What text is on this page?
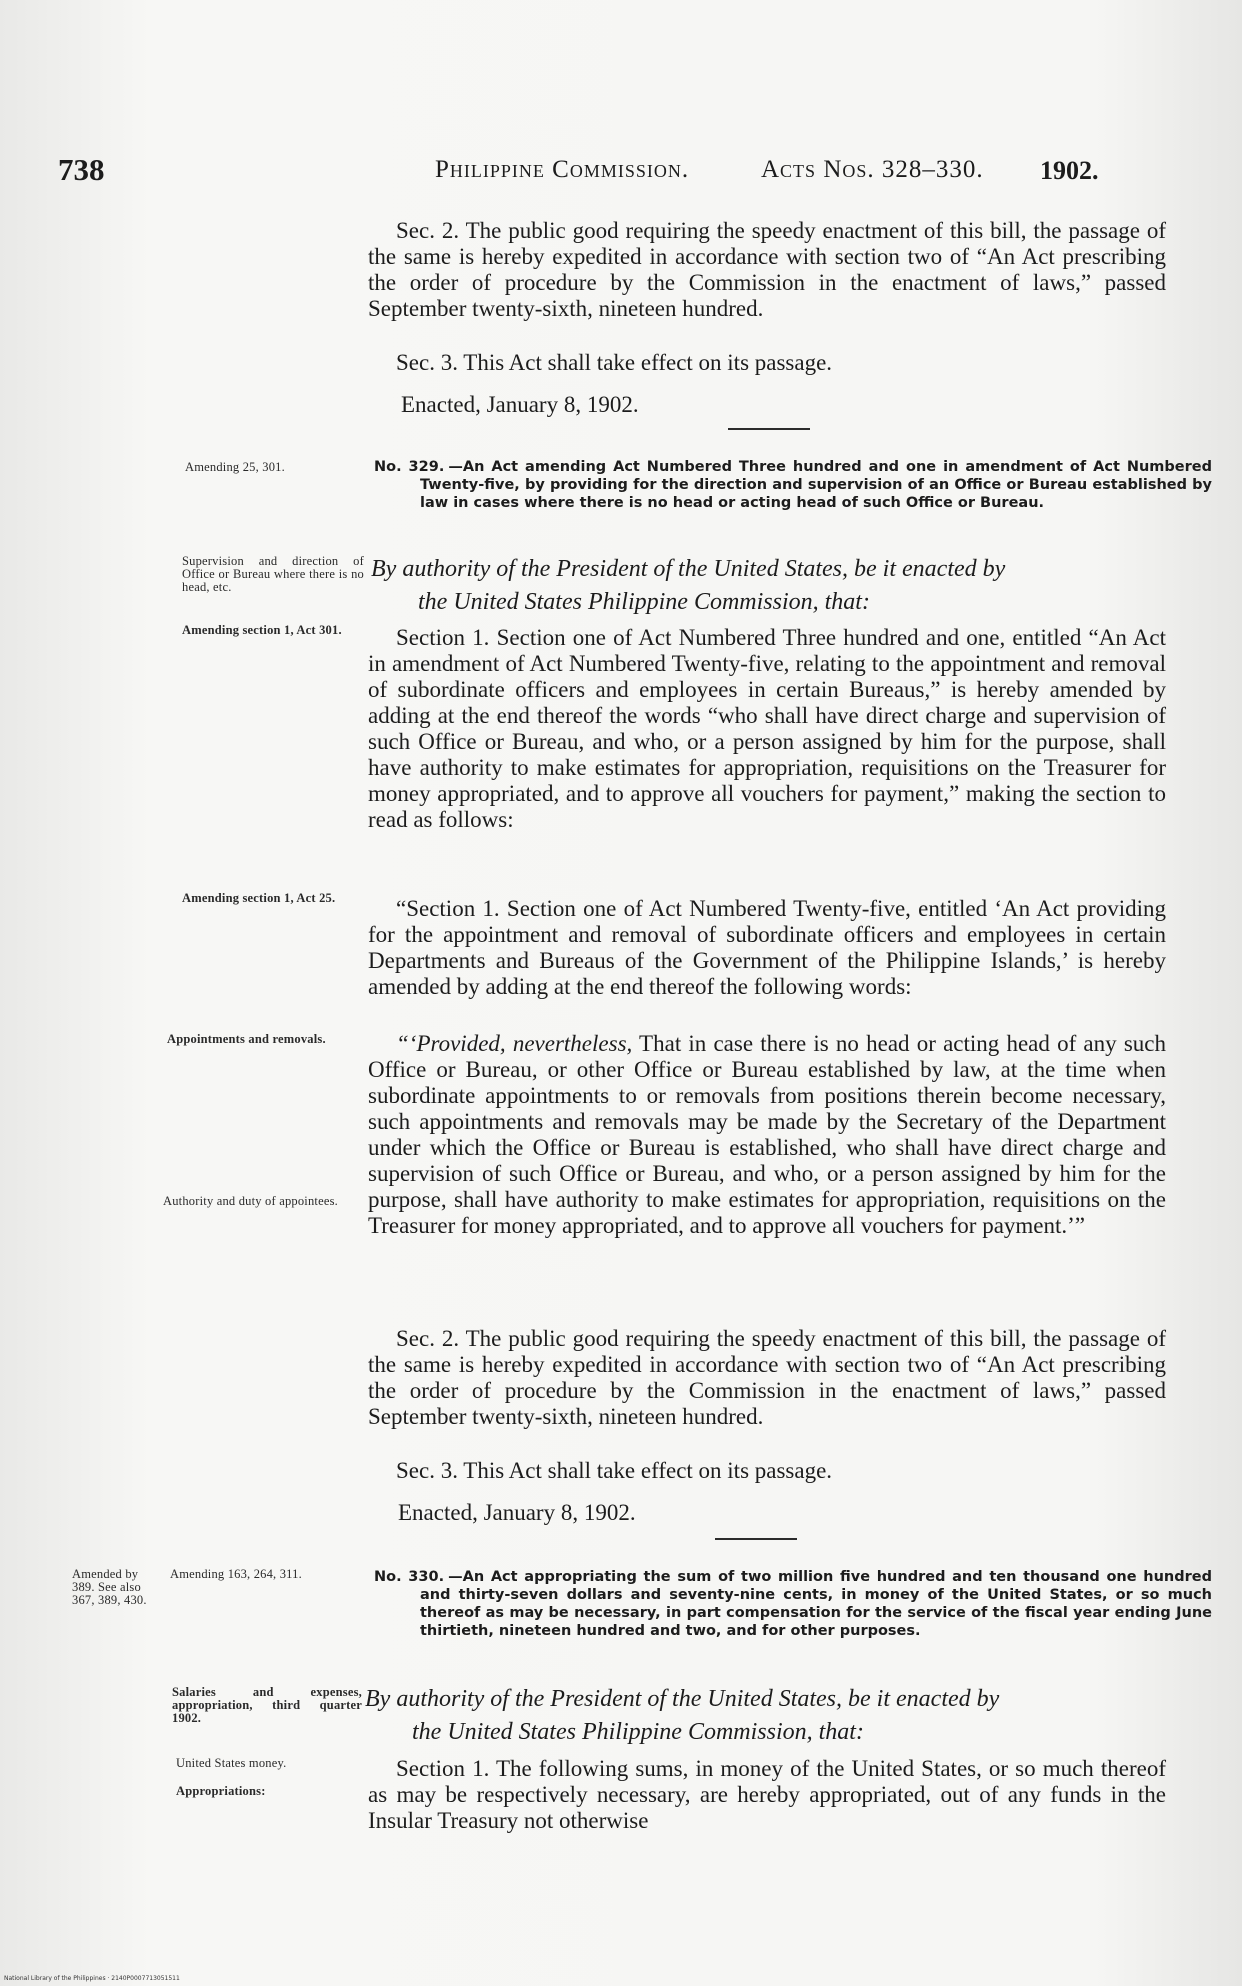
738	Philippine Commission.	Acts Nos. 328–330. 1902.

Sec. 2. The public good requiring the speedy enactment of this bill, the passage of the same is hereby expedited in accordance with section two of “An Act prescribing the order of procedure by the Commission in the enactment of laws,” passed September twenty-sixth, nineteen hundred.

Sec. 3. This Act shall take effect on its passage.

Enacted, January 8, 1902.
Amending 25, 301.	No. 329. —An Act amending Act Numbered Three hundred and one in amendment of Act Numbered Twenty-five, by providing for the direction and supervision of an Office or Bureau established by law in cases where there is no head or acting head of such Office or Bureau.
Supervision and direction of Office or Bureau where there is no head, etc.
By authority of the President of the United States, be it enacted by
the United States Philippine Commission, that:
Amending section 1, Act 301.	Section 1. Section one of Act Numbered Three hundred and one, entitled “An Act in amendment of Act Numbered Twenty-five, relating to the appointment and removal of subordinate officers and employees in certain Bureaus,” is hereby amended by adding at the end thereof the words “who shall have direct charge and supervision of such Office or Bureau, and who, or a person assigned by him for the purpose, shall have authority to make estimates for appropriation, requisitions on the Treasurer for money appropriated, and to approve all vouchers for payment,” making the section to read as follows:

Amending section 1, Act 25.	“Section 1. Section one of Act Numbered Twenty-five, entitled ‘An Act providing for the appointment and removal of subordinate officers and employees in certain Departments and Bureaus of the Government of the Philippine Islands,’ is hereby amended by adding at the end thereof the following words:

Appointments and removals.	“‘Provided, nevertheless, That in case there is no head or acting head of any such Office or Bureau, or other Office or Bureau established by law, at the time when subordinate appointments to or removals from positions therein become necessary, such appointments and removals may be made by the Secretary of the Department under which the Office or Bureau is established, who shall have direct charge and supervision of such Office or Bureau, and who, or a person assigned by him for the purpose, shall have authority to make estimates for appropriation, requisitions on the Treasurer for money appropriated, and to approve all vouchers for payment.’”

Authority and duty of appointees.

Sec. 2. The public good requiring the speedy enactment of this bill, the passage of the same is hereby expedited in accordance with section two of “An Act prescribing the order of procedure by the Commission in the enactment of laws,” passed September twenty-sixth, nineteen hundred.

Sec. 3. This Act shall take effect on its passage.

Enacted, January 8, 1902.
Amended by 389. See also 367, 389, 430.
Amending 163, 264, 311.	No. 330. —An Act appropriating the sum of two million five hundred and ten thousand one hundred and thirty-seven dollars and seventy-nine cents, in money of the United States, or so much thereof as may be necessary, in part compensation for the service of the fiscal year ending June thirtieth, nineteen hundred and two, and for other purposes.
Salaries and expenses, appropriation, third quarter 1902.
By authority of the President of the United States, be it enacted by
the United States Philippine Commission, that:
United States money.
Appropriations:

Section 1. The following sums, in money of the United States, or so much thereof as may be respectively necessary, are hereby appropriated, out of any funds in the Insular Treasury not otherwise

National Library of the Philippines · 2140P0007713051511
